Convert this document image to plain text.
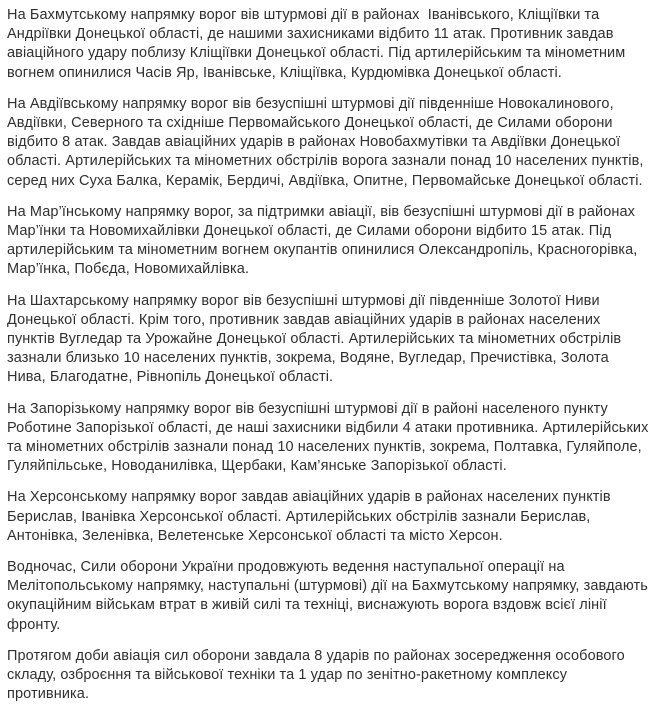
На Бахмутському напрямку ворог вів штурмові дії в районах  Іванівського, Кліщіївки та Андріївки Донецької області, де нашими захисниками відбито 11 атак. Противник завдав авіаційного удару поблизу Кліщіївки Донецької області. Під артилерійським та мінометним вогнем опинилися Часів Яр, Іванівське, Кліщіївка, Курдюмівка Донецької області.

На Авдіївському напрямку ворог вів безуспішні штурмові дії південніше Новокалинового, Авдіївки, Северного та східніше Первомайського Донецької області, де Силами оборони відбито 8 атак. Завдав авіаційних ударів в районах Новобахмутівки та Авдіївки Донецької області. Артилерійських та мінометних обстрілів ворога зазнали понад 10 населених пунктів, серед них Суха Балка, Керамік, Бердичі, Авдіївка, Опитне, Первомайське Донецької області.

На Мар’їнському напрямку ворог, за підтримки авіації, вів безуспішні штурмові дії в районах Мар’їнки та Новомихайлівки Донецької області, де Силами оборони відбито 15 атак. Під артилерійським та мінометним вогнем окупантів опинилися Олександропіль, Красногорівка, Мар’їнка, Побєда, Новомихайлівка.

На Шахтарському напрямку ворог вів безуспішні штурмові дії південніше Золотої Ниви Донецької області. Крім того, противник завдав авіаційних ударів в районах населених пунктів Вугледар та Урожайне Донецької області. Артилерійських та мінометних обстрілів зазнали близько 10 населених пунктів, зокрема, Водяне, Вугледар, Пречистівка, Золота Нива, Благодатне, Рівнопіль Донецької області.

На Запорізькому напрямку ворог вів безуспішні штурмові дії в районі населеного пункту Роботине Запорізької області, де наші захисники відбили 4 атаки противника. Артилерійських та мінометних обстрілів зазнали понад 10 населених пунктів, зокрема, Полтавка, Гуляйполе, Гуляйпільське, Новоданилівка, Щербаки, Кам’янське Запорізької області.

На Херсонському напрямку ворог завдав авіаційних ударів в районах населених пунктів Берислав, Іванівка Херсонської області. Артилерійських обстрілів зазнали Берислав, Антонівка, Зеленівка, Велетенське Херсонської області та місто Херсон.

Водночас, Сили оборони України продовжують ведення наступальної операції на Мелітопольському напрямку, наступальні (штурмові) дії на Бахмутському напрямку, завдають окупаційним військам втрат в живій силі та техніці, виснажують ворога вздовж всієї лінії фронту.

Протягом доби авіація сил оборони завдала 8 ударів по районах зосередження особового складу, озброєння та військової техніки та 1 удар по зенітно-ракетному комплексу противника.
